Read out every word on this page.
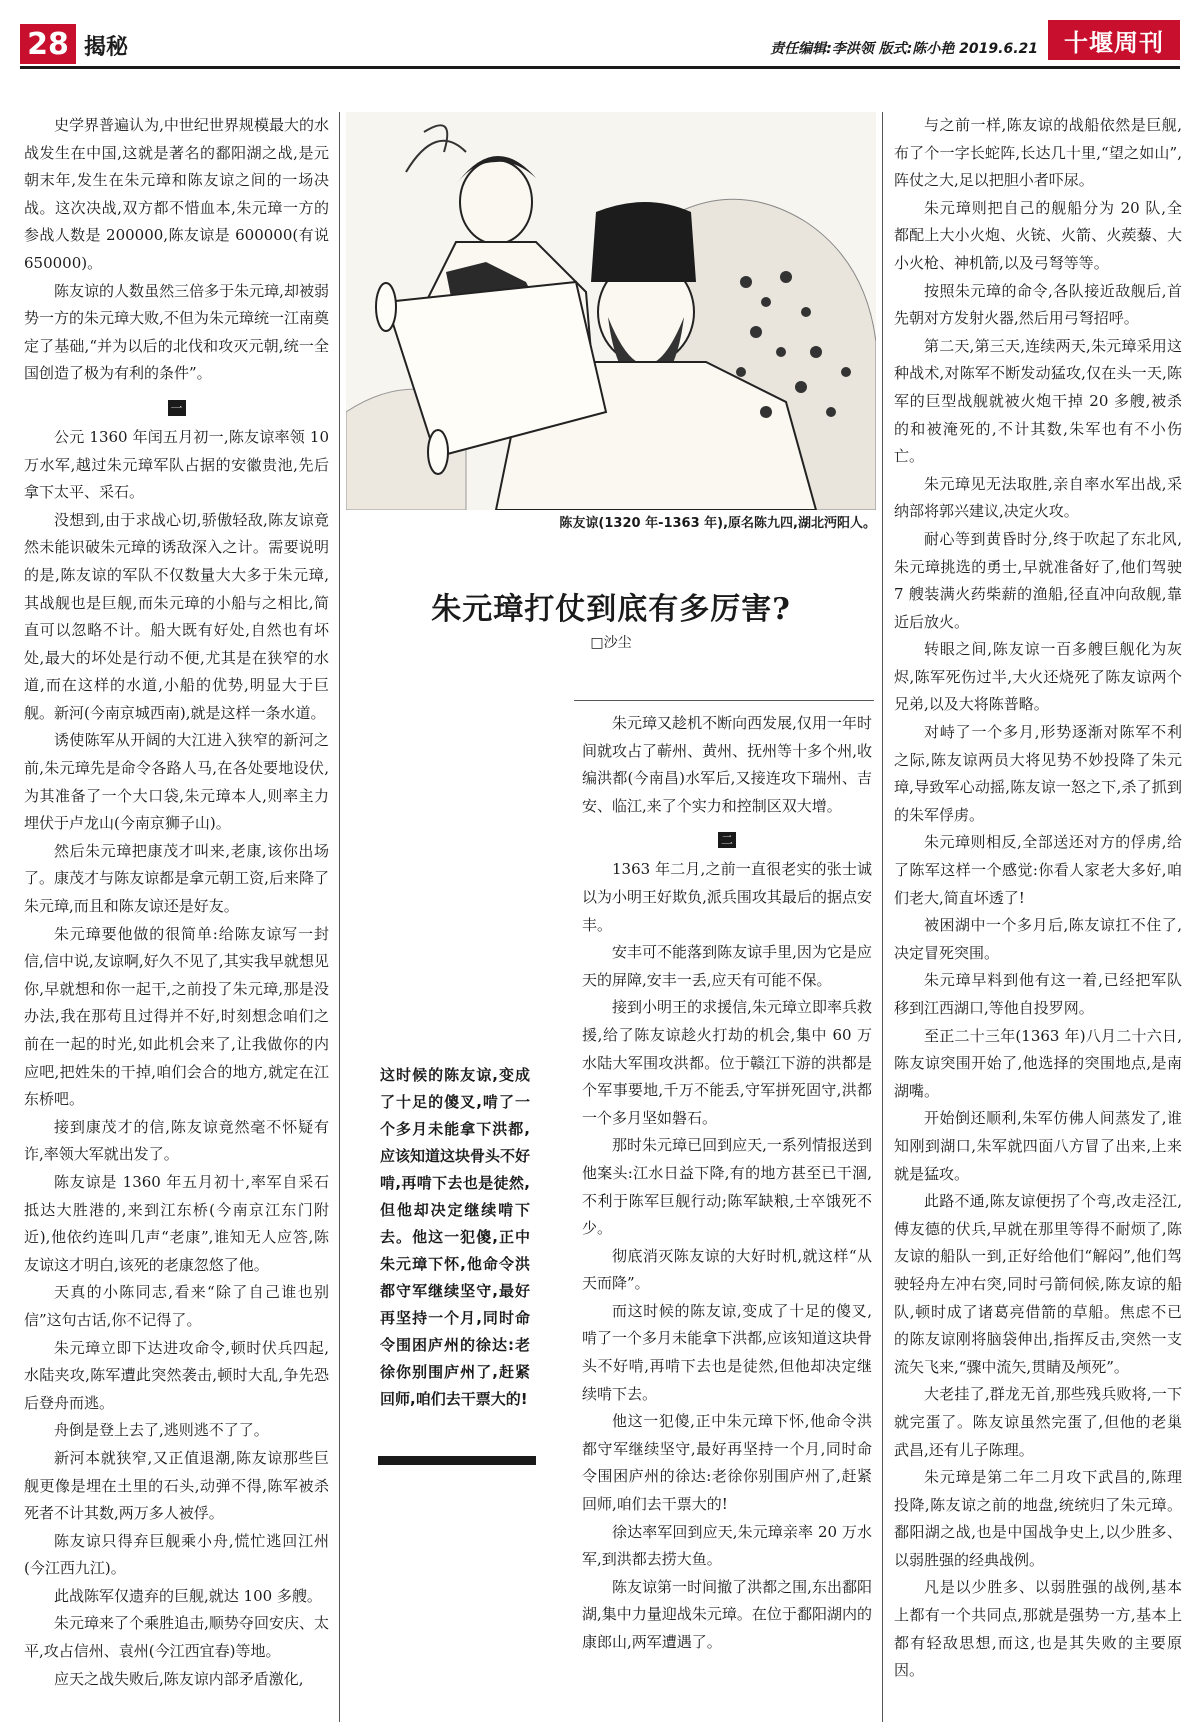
28 揭秘	责任编辑:李洪领 版式:陈小艳 2019.6.21	十堰周刊

史学界普遍认为,中世纪世界规模最大的水战发生在中国,这就是著名的鄱阳湖之战,是元朝末年,发生在朱元璋和陈友谅之间的一场决战。这次决战,双方都不惜血本,朱元璋一方的参战人数是 200000,陈友谅是 600000(有说 650000)。

陈友谅的人数虽然三倍多于朱元璋,却被弱势一方的朱元璋大败,不但为朱元璋统一江南奠定了基础,“并为以后的北伐和攻灭元朝,统一全国创造了极为有利的条件”。

一

公元 1360 年闰五月初一,陈友谅率领 10 万水军,越过朱元璋军队占据的安徽贵池,先后拿下太平、采石。

没想到,由于求战心切,骄傲轻敌,陈友谅竟然未能识破朱元璋的诱敌深入之计。需要说明的是,陈友谅的军队不仅数量大大多于朱元璋,其战舰也是巨舰,而朱元璋的小船与之相比,简直可以忽略不计。船大既有好处,自然也有坏处,最大的坏处是行动不便,尤其是在狭窄的水道,而在这样的水道,小船的优势,明显大于巨舰。新河(今南京城西南),就是这样一条水道。

诱使陈军从开阔的大江进入狭窄的新河之前,朱元璋先是命令各路人马,在各处要地设伏,为其准备了一个大口袋,朱元璋本人,则率主力埋伏于卢龙山(今南京狮子山)。

然后朱元璋把康茂才叫来,老康,该你出场了。康茂才与陈友谅都是拿元朝工资,后来降了朱元璋,而且和陈友谅还是好友。

朱元璋要他做的很简单:给陈友谅写一封信,信中说,友谅啊,好久不见了,其实我早就想见你,早就想和你一起干,之前投了朱元璋,那是没办法,我在那苟且过得并不好,时刻想念咱们之前在一起的时光,如此机会来了,让我做你的内应吧,把姓朱的干掉,咱们会合的地方,就定在江东桥吧。

接到康茂才的信,陈友谅竟然毫不怀疑有诈,率领大军就出发了。

陈友谅是 1360 年五月初十,率军自采石抵达大胜港的,来到江东桥(今南京江东门附近),他依约连叫几声“老康”,谁知无人应答,陈友谅这才明白,该死的老康忽悠了他。

天真的小陈同志,看来“除了自己谁也别信”这句古话,你不记得了。

朱元璋立即下达进攻命令,顿时伏兵四起,水陆夹攻,陈军遭此突然袭击,顿时大乱,争先恐后登舟而逃。

舟倒是登上去了,逃则逃不了了。

新河本就狭窄,又正值退潮,陈友谅那些巨舰更像是埋在土里的石头,动弹不得,陈军被杀死者不计其数,两万多人被俘。

陈友谅只得弃巨舰乘小舟,慌忙逃回江州(今江西九江)。

此战陈军仅遗弃的巨舰,就达 100 多艘。

朱元璋来了个乘胜追击,顺势夺回安庆、太平,攻占信州、袁州(今江西宜春)等地。

应天之战失败后,陈友谅内部矛盾激化,

陈友谅(1320 年-1363 年),原名陈九四,湖北沔阳人。
朱元璋打仗到底有多厉害?
□沙尘
这时候的陈友谅,变成了十足的傻叉,啃了一个多月未能拿下洪都,应该知道这块骨头不好啃,再啃下去也是徒然,但他却决定继续啃下去。他这一犯傻,正中朱元璋下怀,他命令洪都守军继续坚守,最好再坚持一个月,同时命令围困庐州的徐达:老徐你别围庐州了,赶紧回师,咱们去干票大的!

朱元璋又趁机不断向西发展,仅用一年时间就攻占了蕲州、黄州、抚州等十多个州,收编洪都(今南昌)水军后,又接连攻下瑞州、吉安、临江,来了个实力和控制区双大增。

二

1363 年二月,之前一直很老实的张士诚以为小明王好欺负,派兵围攻其最后的据点安丰。

安丰可不能落到陈友谅手里,因为它是应天的屏障,安丰一丢,应天有可能不保。

接到小明王的求援信,朱元璋立即率兵救援,给了陈友谅趁火打劫的机会,集中 60 万水陆大军围攻洪都。位于赣江下游的洪都是个军事要地,千万不能丢,守军拼死固守,洪都一个多月坚如磐石。

那时朱元璋已回到应天,一系列情报送到他案头:江水日益下降,有的地方甚至已干涸,不利于陈军巨舰行动;陈军缺粮,士卒饿死不少。

彻底消灭陈友谅的大好时机,就这样“从天而降”。

而这时候的陈友谅,变成了十足的傻叉,啃了一个多月未能拿下洪都,应该知道这块骨头不好啃,再啃下去也是徒然,但他却决定继续啃下去。

他这一犯傻,正中朱元璋下怀,他命令洪都守军继续坚守,最好再坚持一个月,同时命令围困庐州的徐达:老徐你别围庐州了,赶紧回师,咱们去干票大的!

徐达率军回到应天,朱元璋亲率 20 万水军,到洪都去捞大鱼。

陈友谅第一时间撤了洪都之围,东出鄱阳湖,集中力量迎战朱元璋。在位于鄱阳湖内的康郎山,两军遭遇了。

与之前一样,陈友谅的战船依然是巨舰,布了个一字长蛇阵,长达几十里,“望之如山”,阵仗之大,足以把胆小者吓尿。

朱元璋则把自己的舰船分为 20 队,全都配上大小火炮、火铳、火箭、火蒺藜、大小火枪、神机箭,以及弓弩等等。

按照朱元璋的命令,各队接近敌舰后,首先朝对方发射火器,然后用弓弩招呼。

第二天,第三天,连续两天,朱元璋采用这种战术,对陈军不断发动猛攻,仅在头一天,陈军的巨型战舰就被火炮干掉 20 多艘,被杀的和被淹死的,不计其数,朱军也有不小伤亡。

朱元璋见无法取胜,亲自率水军出战,采纳部将郭兴建议,决定火攻。

耐心等到黄昏时分,终于吹起了东北风,朱元璋挑选的勇士,早就准备好了,他们驾驶 7 艘装满火药柴薪的渔船,径直冲向敌舰,靠近后放火。

转眼之间,陈友谅一百多艘巨舰化为灰烬,陈军死伤过半,大火还烧死了陈友谅两个兄弟,以及大将陈普略。

对峙了一个多月,形势逐渐对陈军不利之际,陈友谅两员大将见势不妙投降了朱元璋,导致军心动摇,陈友谅一怒之下,杀了抓到的朱军俘虏。

朱元璋则相反,全部送还对方的俘虏,给了陈军这样一个感觉:你看人家老大多好,咱们老大,简直坏透了!

被困湖中一个多月后,陈友谅扛不住了,决定冒死突围。

朱元璋早料到他有这一着,已经把军队移到江西湖口,等他自投罗网。

至正二十三年(1363 年)八月二十六日,陈友谅突围开始了,他选择的突围地点,是南湖嘴。

开始倒还顺利,朱军仿佛人间蒸发了,谁知刚到湖口,朱军就四面八方冒了出来,上来就是猛攻。

此路不通,陈友谅便拐了个弯,改走泾江,傅友德的伏兵,早就在那里等得不耐烦了,陈友谅的船队一到,正好给他们“解闷”,他们驾驶轻舟左冲右突,同时弓箭伺候,陈友谅的船队,顿时成了诸葛亮借箭的草船。焦虑不已的陈友谅刚将脑袋伸出,指挥反击,突然一支流矢飞来,“骤中流矢,贯睛及颅死”。

大老挂了,群龙无首,那些残兵败将,一下就完蛋了。陈友谅虽然完蛋了,但他的老巢武昌,还有儿子陈理。

朱元璋是第二年二月攻下武昌的,陈理投降,陈友谅之前的地盘,统统归了朱元璋。鄱阳湖之战,也是中国战争史上,以少胜多、以弱胜强的经典战例。

凡是以少胜多、以弱胜强的战例,基本上都有一个共同点,那就是强势一方,基本上都有轻敌思想,而这,也是其失败的主要原因。
